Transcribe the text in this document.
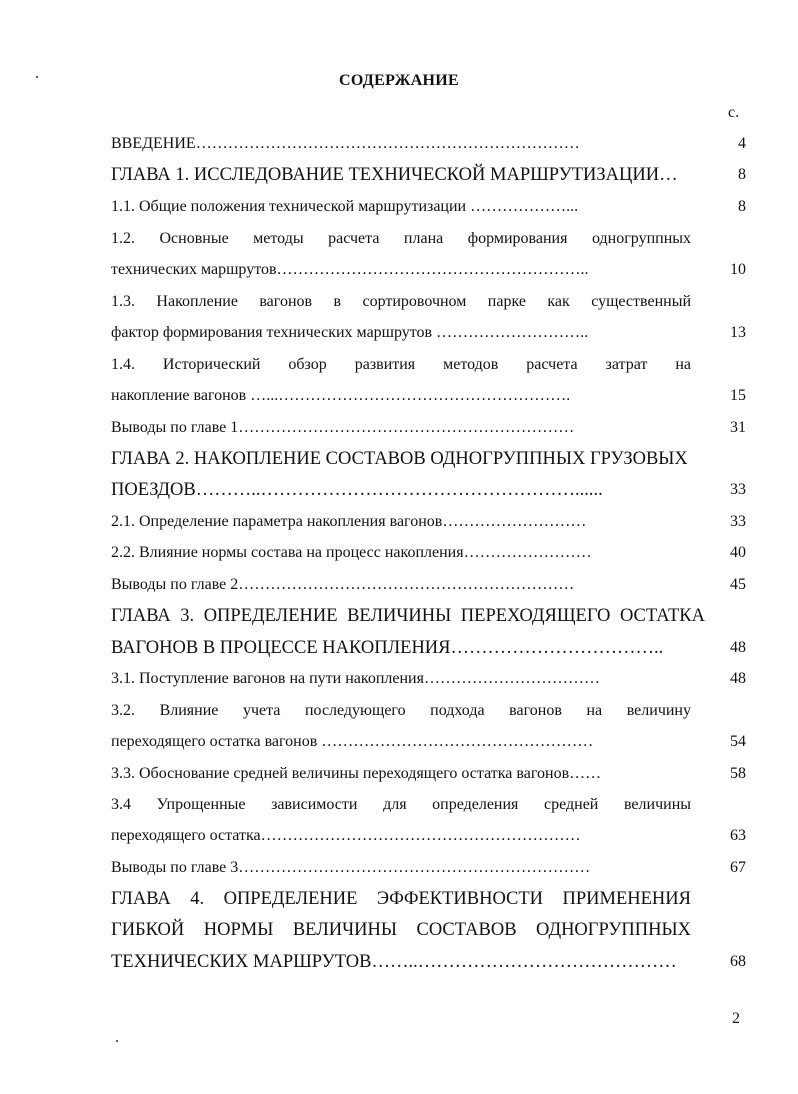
СОДЕРЖАНИЕ
с.
ВВЕДЕНИЕ………………………………………………………………	4
ГЛАВА 1. ИССЛЕДОВАНИЕ ТЕХНИЧЕСКОЙ МАРШРУТИЗАЦИИ…	8
1.1. Общие положения технической маршрутизации ………………...	8
1.2. Основные методы расчета плана формирования одногруппных
технических маршрутов…………………………………………………..	10
1.3. Накопление вагонов в сортировочном парке как существенный
фактор формирования технических маршрутов ………………………..	13
1.4. Исторический обзор развития методов расчета затрат на
накопление вагонов …...……………………………………………….	15
Выводы по главе 1………………………………………………………	31
ГЛАВА 2. НАКОПЛЕНИЕ СОСТАВОВ ОДНОГРУППНЫХ ГРУЗОВЫХ
ПОЕЗДОВ………..……………………………………………......	33
2.1. Определение параметра накопления вагонов………………………	33
2.2. Влияние нормы состава на процесс накопления……………………	40
Выводы по главе 2………………………………………………………	45
ГЛАВА 3. ОПРЕДЕЛЕНИЕ ВЕЛИЧИНЫ ПЕРЕХОДЯЩЕГО ОСТАТКА
ВАГОНОВ В ПРОЦЕССЕ НАКОПЛЕНИЯ……………………………..	48
3.1. Поступление вагонов на пути накопления……………………………	48
3.2. Влияние учета последующего подхода вагонов на величину
переходящего остатка вагонов ……………………………………………	54
3.3. Обоснование средней величины переходящего остатка вагонов……	58
3.4 Упрощенные зависимости для определения средней величины
переходящего остатка……………………………………………………	63
Выводы по главе 3…………………………………………………………	67
ГЛАВА 4. ОПРЕДЕЛЕНИЕ ЭФФЕКТИВНОСТИ ПРИМЕНЕНИЯ
ГИБКОЙ НОРМЫ ВЕЛИЧИНЫ СОСТАВОВ ОДНОГРУППНЫХ
ТЕХНИЧЕСКИХ МАРШРУТОВ……..……………………………………	68
2
